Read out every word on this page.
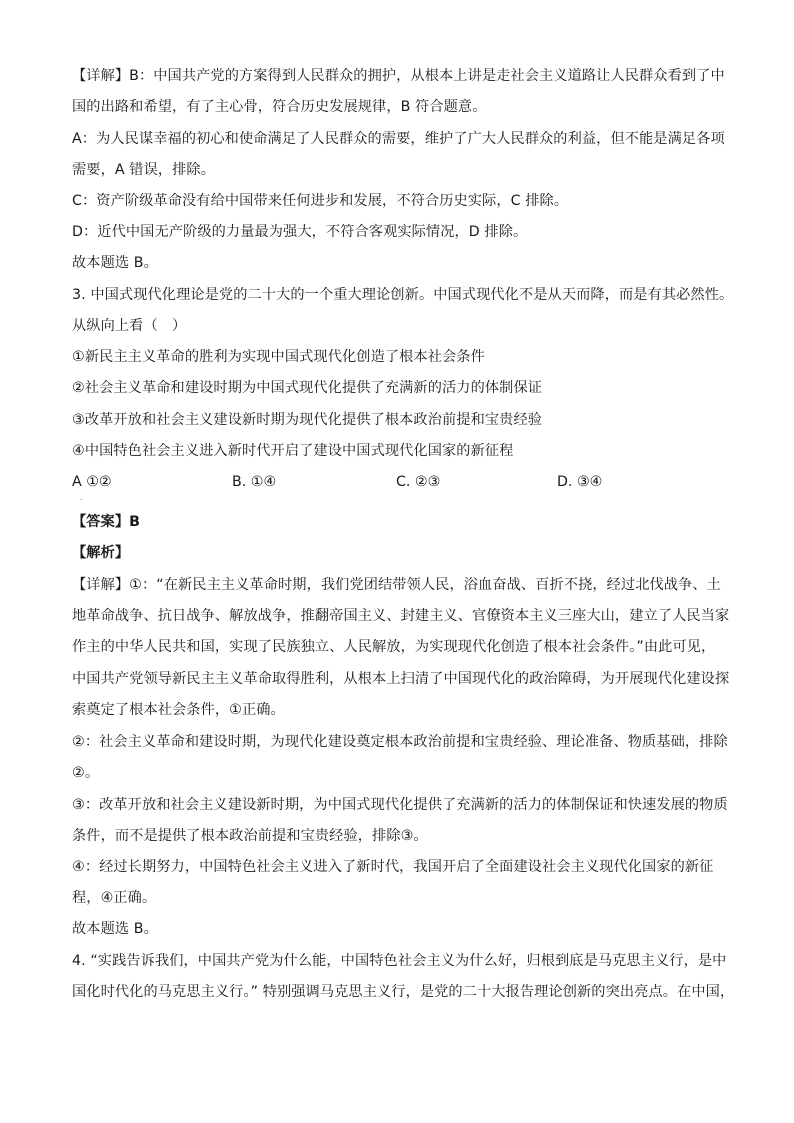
【详解】B：中国共产党的方案得到人民群众的拥护，从根本上讲是走社会主义道路让人民群众看到了中
国的出路和希望，有了主心骨，符合历史发展规律，B 符合题意。
A：为人民谋幸福的初心和使命满足了人民群众的需要，维护了广大人民群众的利益，但不能是满足各项
需要，A 错误，排除。
C：资产阶级革命没有给中国带来任何进步和发展，不符合历史实际，C 排除。
D：近代中国无产阶级的力量最为强大，不符合客观实际情况，D 排除。
故本题选 B。
3. 中国式现代化理论是党的二十大的一个重大理论创新。中国式现代化不是从天而降，而是有其必然性。
从纵向上看（　）
①新民主主义革命的胜利为实现中国式现代化创造了根本社会条件
②社会主义革命和建设时期为中国式现代化提供了充满新的活力的体制保证
③改革开放和社会主义建设新时期为现代化提供了根本政治前提和宝贵经验
④中国特色社会主义进入新时代开启了建设中国式现代化国家的新征程
A ①②	B. ①④	C. ②③	D. ③④
.
【答案】B
【解析】
【详解】①：“在新民主主义革命时期，我们党团结带领人民，浴血奋战、百折不挠，经过北伐战争、土
地革命战争、抗日战争、解放战争，推翻帝国主义、封建主义、官僚资本主义三座大山，建立了人民当家
作主的中华人民共和国，实现了民族独立、人民解放，为实现现代化创造了根本社会条件。”由此可见，
中国共产党领导新民主主义革命取得胜利，从根本上扫清了中国现代化的政治障碍，为开展现代化建设探
索奠定了根本社会条件，①正确。
②：社会主义革命和建设时期，为现代化建设奠定根本政治前提和宝贵经验、理论准备、物质基础，排除
②。
③：改革开放和社会主义建设新时期，为中国式现代化提供了充满新的活力的体制保证和快速发展的物质
条件，而不是提供了根本政治前提和宝贵经验，排除③。
④：经过长期努力，中国特色社会主义进入了新时代，我国开启了全面建设社会主义现代化国家的新征
程，④正确。
故本题选 B。
4. “实践告诉我们，中国共产党为什么能，中国特色社会主义为什么好，归根到底是马克思主义行，是中
国化时代化的马克思主义行。” 特别强调马克思主义行，是党的二十大报告理论创新的突出亮点。在中国，
